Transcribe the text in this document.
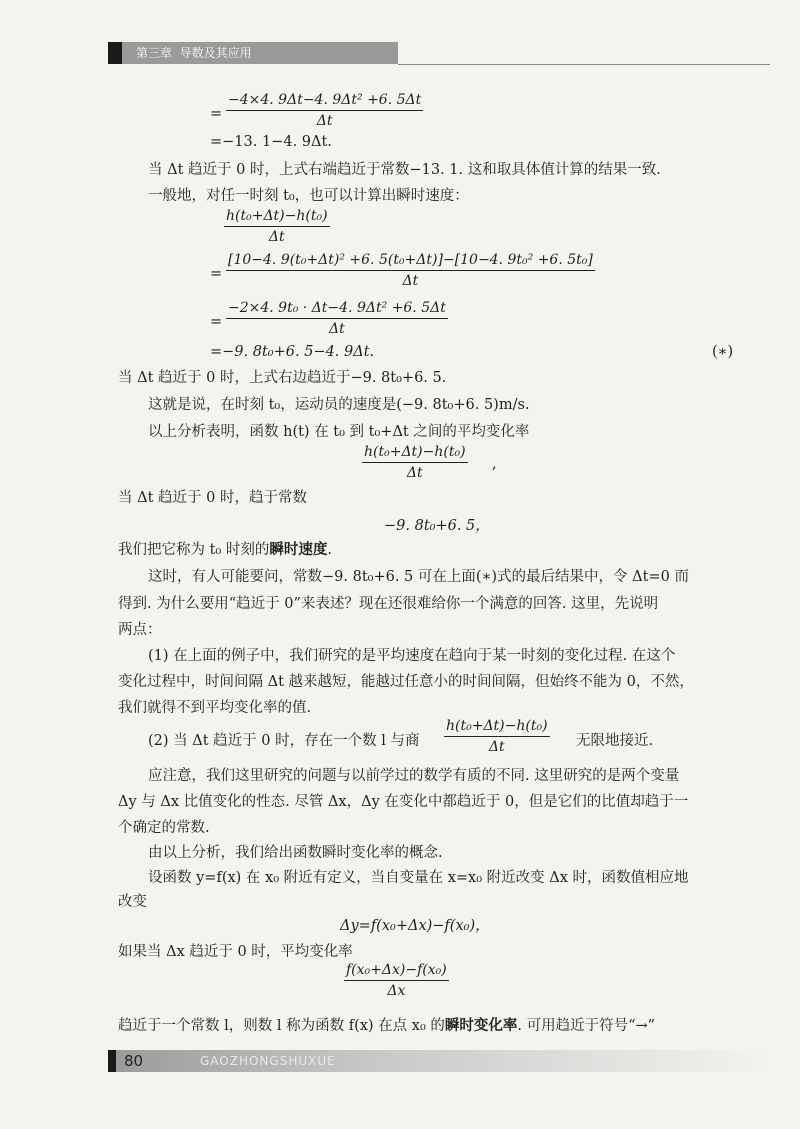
第三章 导数及其应用
=
−4×4. 9Δt−4. 9Δt² +6. 5Δt
Δt
=−13. 1−4. 9Δt.
当 Δt 趋近于 0 时，上式右端趋近于常数−13. 1. 这和取具体值计算的结果一致.
一般地，对任一时刻 t₀，也可以计算出瞬时速度：
h(t₀+Δt)−h(t₀)
Δt
=
[10−4. 9(t₀+Δt)² +6. 5(t₀+Δt)]−[10−4. 9t₀² +6. 5t₀]
Δt
=
−2×4. 9t₀ · Δt−4. 9Δt² +6. 5Δt
Δt
=−9. 8t₀+6. 5−4. 9Δt.	(∗)
当 Δt 趋近于 0 时，上式右边趋近于−9. 8t₀+6. 5.
这就是说，在时刻 t₀，运动员的速度是(−9. 8t₀+6. 5)m/s.
以上分析表明，函数 h(t) 在 t₀ 到 t₀+Δt 之间的平均变化率
h(t₀+Δt)−h(t₀)
Δt
,
当 Δt 趋近于 0 时，趋于常数
−9. 8t₀+6. 5，
我们把它称为 t₀ 时刻的瞬时速度.
这时，有人可能要问，常数−9. 8t₀+6. 5 可在上面(∗)式的最后结果中，令 Δt=0 而
得到. 为什么要用“趋近于 0”来表述？现在还很难给你一个满意的回答. 这里，先说明
两点：
(1) 在上面的例子中，我们研究的是平均速度在趋向于某一时刻的变化过程. 在这个
变化过程中，时间间隔 Δt 越来越短，能越过任意小的时间间隔，但始终不能为 0，不然，
我们就得不到平均变化率的值.
(2) 当 Δt 趋近于 0 时，存在一个数 l 与商
h(t₀+Δt)−h(t₀)
Δt	无限地接近.
应注意，我们这里研究的问题与以前学过的数学有质的不同. 这里研究的是两个变量
Δy 与 Δx 比值变化的性态. 尽管 Δx，Δy 在变化中都趋近于 0，但是它们的比值却趋于一
个确定的常数.
由以上分析，我们给出函数瞬时变化率的概念.
设函数 y=f(x) 在 x₀ 附近有定义，当自变量在 x=x₀ 附近改变 Δx 时，函数值相应地
改变
Δy=f(x₀+Δx)−f(x₀)，
如果当 Δx 趋近于 0 时，平均变化率
f(x₀+Δx)−f(x₀)
Δx
趋近于一个常数 l，则数 l 称为函数 f(x) 在点 x₀ 的瞬时变化率. 可用趋近于符号“→”
80	GAOZHONGSHUXUE
